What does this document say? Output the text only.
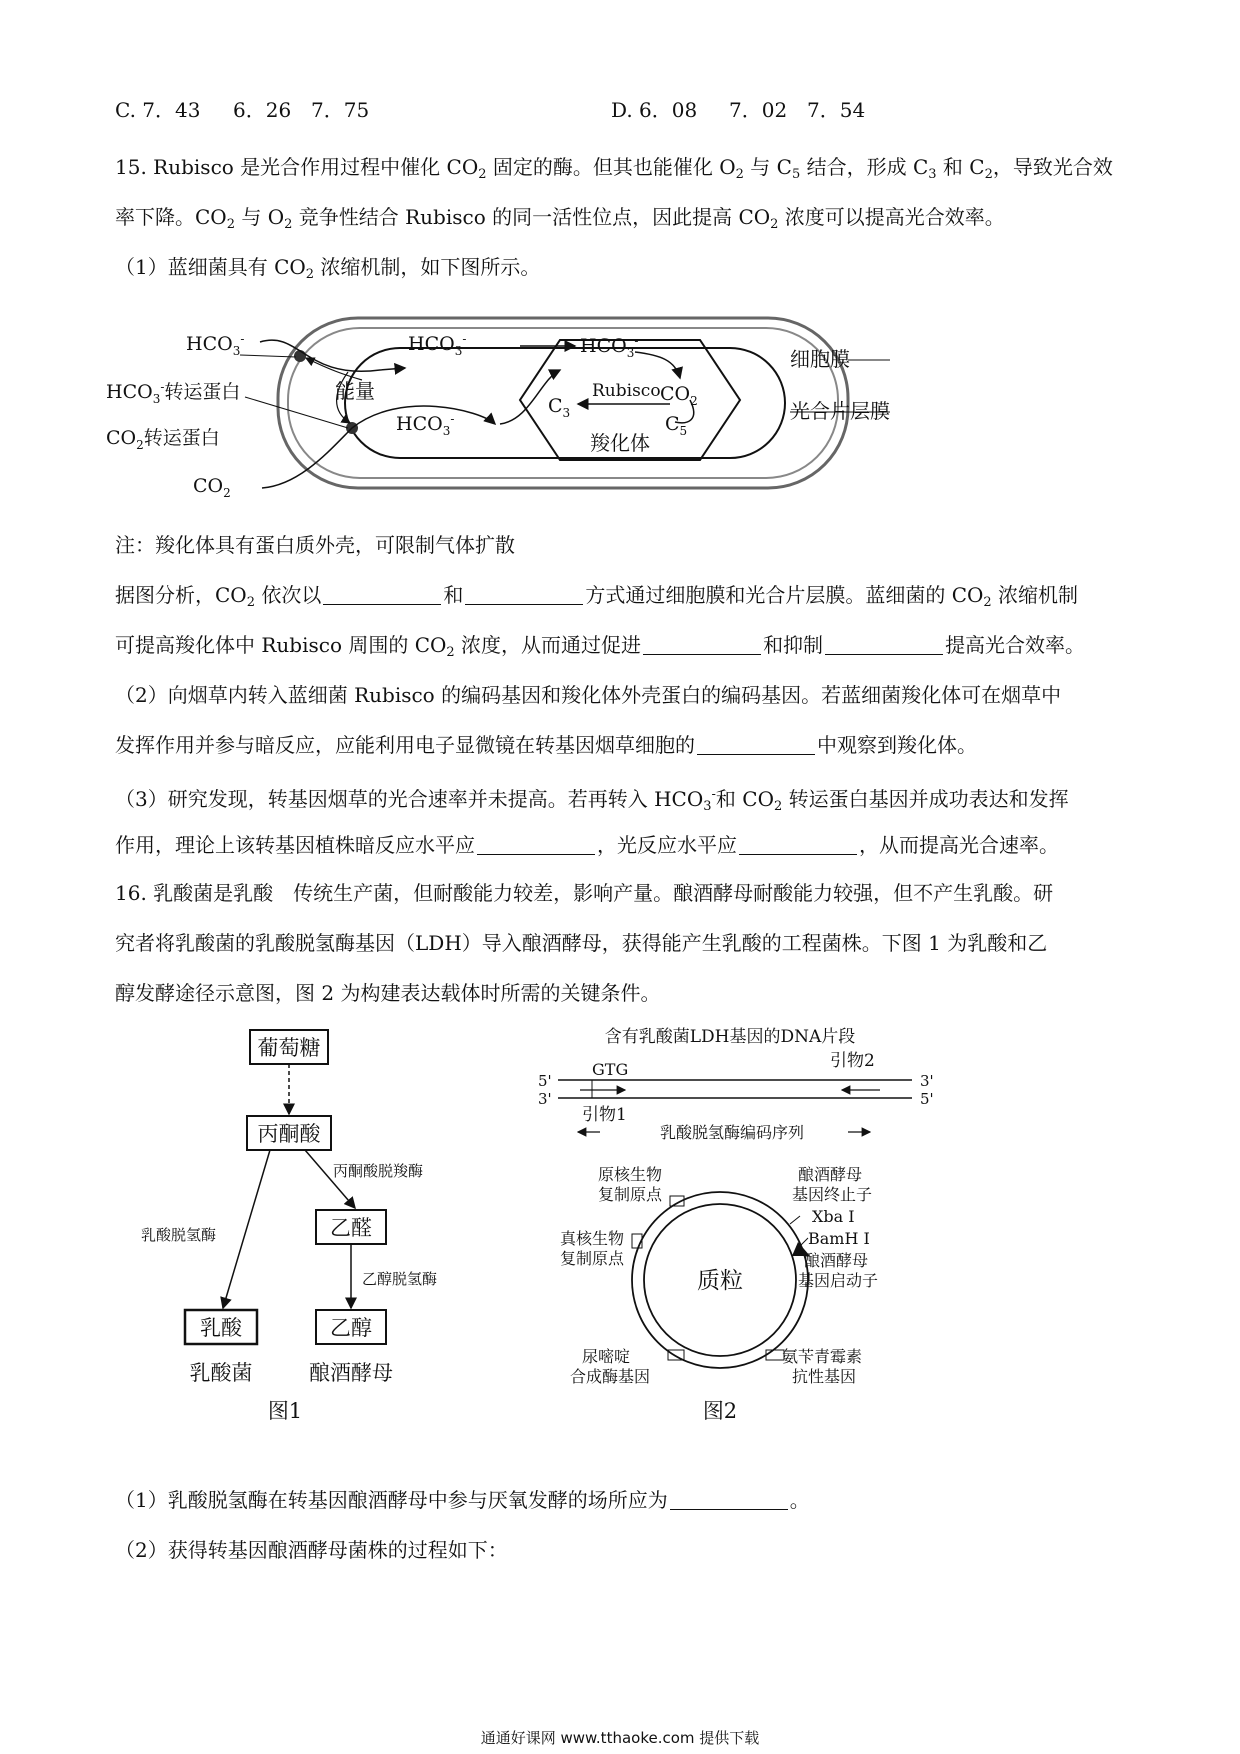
C. 7．43 6．26 7．75	D. 6．08 7．02 7．54
15. Rubisco 是光合作用过程中催化 $CO_2$ 固定的酶。但其也能催化 $O_2$ 与 $C_5$ 结合，形成 $C_3$ 和 $C_2$，导致光合效
率下降。$CO_2$ 与 $O_2$ 竞争性结合 Rubisco 的同一活性位点，因此提高 $CO_2$ 浓度可以提高光合效率。
（1）蓝细菌具有 $CO_2$ 浓缩机制，如下图所示。
$HCO_3^-$
$HCO_3^-$转运蛋白
$CO_2$转运蛋白
$CO_2$
能量
$HCO_3^-$
$HCO_3^-$
$HCO_3^-$
Rubisco
$C_3$
$CO_2$
$C_5$
羧化体
细胞膜
光合片层膜
注：羧化体具有蛋白质外壳，可限制气体扩散
据图分析，$CO_2$ 依次以	和	方式通过细胞膜和光合片层膜。蓝细菌的 $CO_2$ 浓缩机制
可提高羧化体中 Rubisco 周围的 $CO_2$ 浓度，从而通过促进	和抑制	提高光合效率。
（2）向烟草内转入蓝细菌 Rubisco 的编码基因和羧化体外壳蛋白的编码基因。若蓝细菌羧化体可在烟草中
发挥作用并参与暗反应，应能利用电子显微镜在转基因烟草细胞的	中观察到羧化体。
（3）研究发现，转基因烟草的光合速率并未提高。若再转入 $HCO_3^-$和 $CO_2$ 转运蛋白基因并成功表达和发挥
作用，理论上该转基因植株暗反应水平应	，光反应水平应	，从而提高光合速率。
16. 乳酸菌是乳酸　传统生产菌，但耐酸能力较差，影响产量。酿酒酵母耐酸能力较强，但不产生乳酸。研
究者将乳酸菌的乳酸脱氢酶基因（LDH）导入酿酒酵母，获得能产生乳酸的工程菌株。下图 1 为乳酸和乙
醇发酵途径示意图，图 2 为构建表达载体时所需的关键条件。
葡萄糖
丙酮酸
丙酮酸脱羧酶
乳酸脱氢酶	乙醛
乙醇脱氢酶
乳酸	乙醇
乳酸菌	酿酒酵母
图1
含有乳酸菌LDH基因的DNA片段
5'
3'
3'
5'
GTG	引物2
引物1
乳酸脱氢酶编码序列
质粒
原核生物
复制原点
真核生物
复制原点
尿嘧啶
合成酶基因
酿酒酵母
基因终止子
Xba I
BamH I
酿酒酵母
基因启动子
氨苄青霉素
抗性基因
图2
（1）乳酸脱氢酶在转基因酿酒酵母中参与厌氧发酵的场所应为	。
（2）获得转基因酿酒酵母菌株的过程如下：
通通好课网 www.tthaoke.com 提供下载
